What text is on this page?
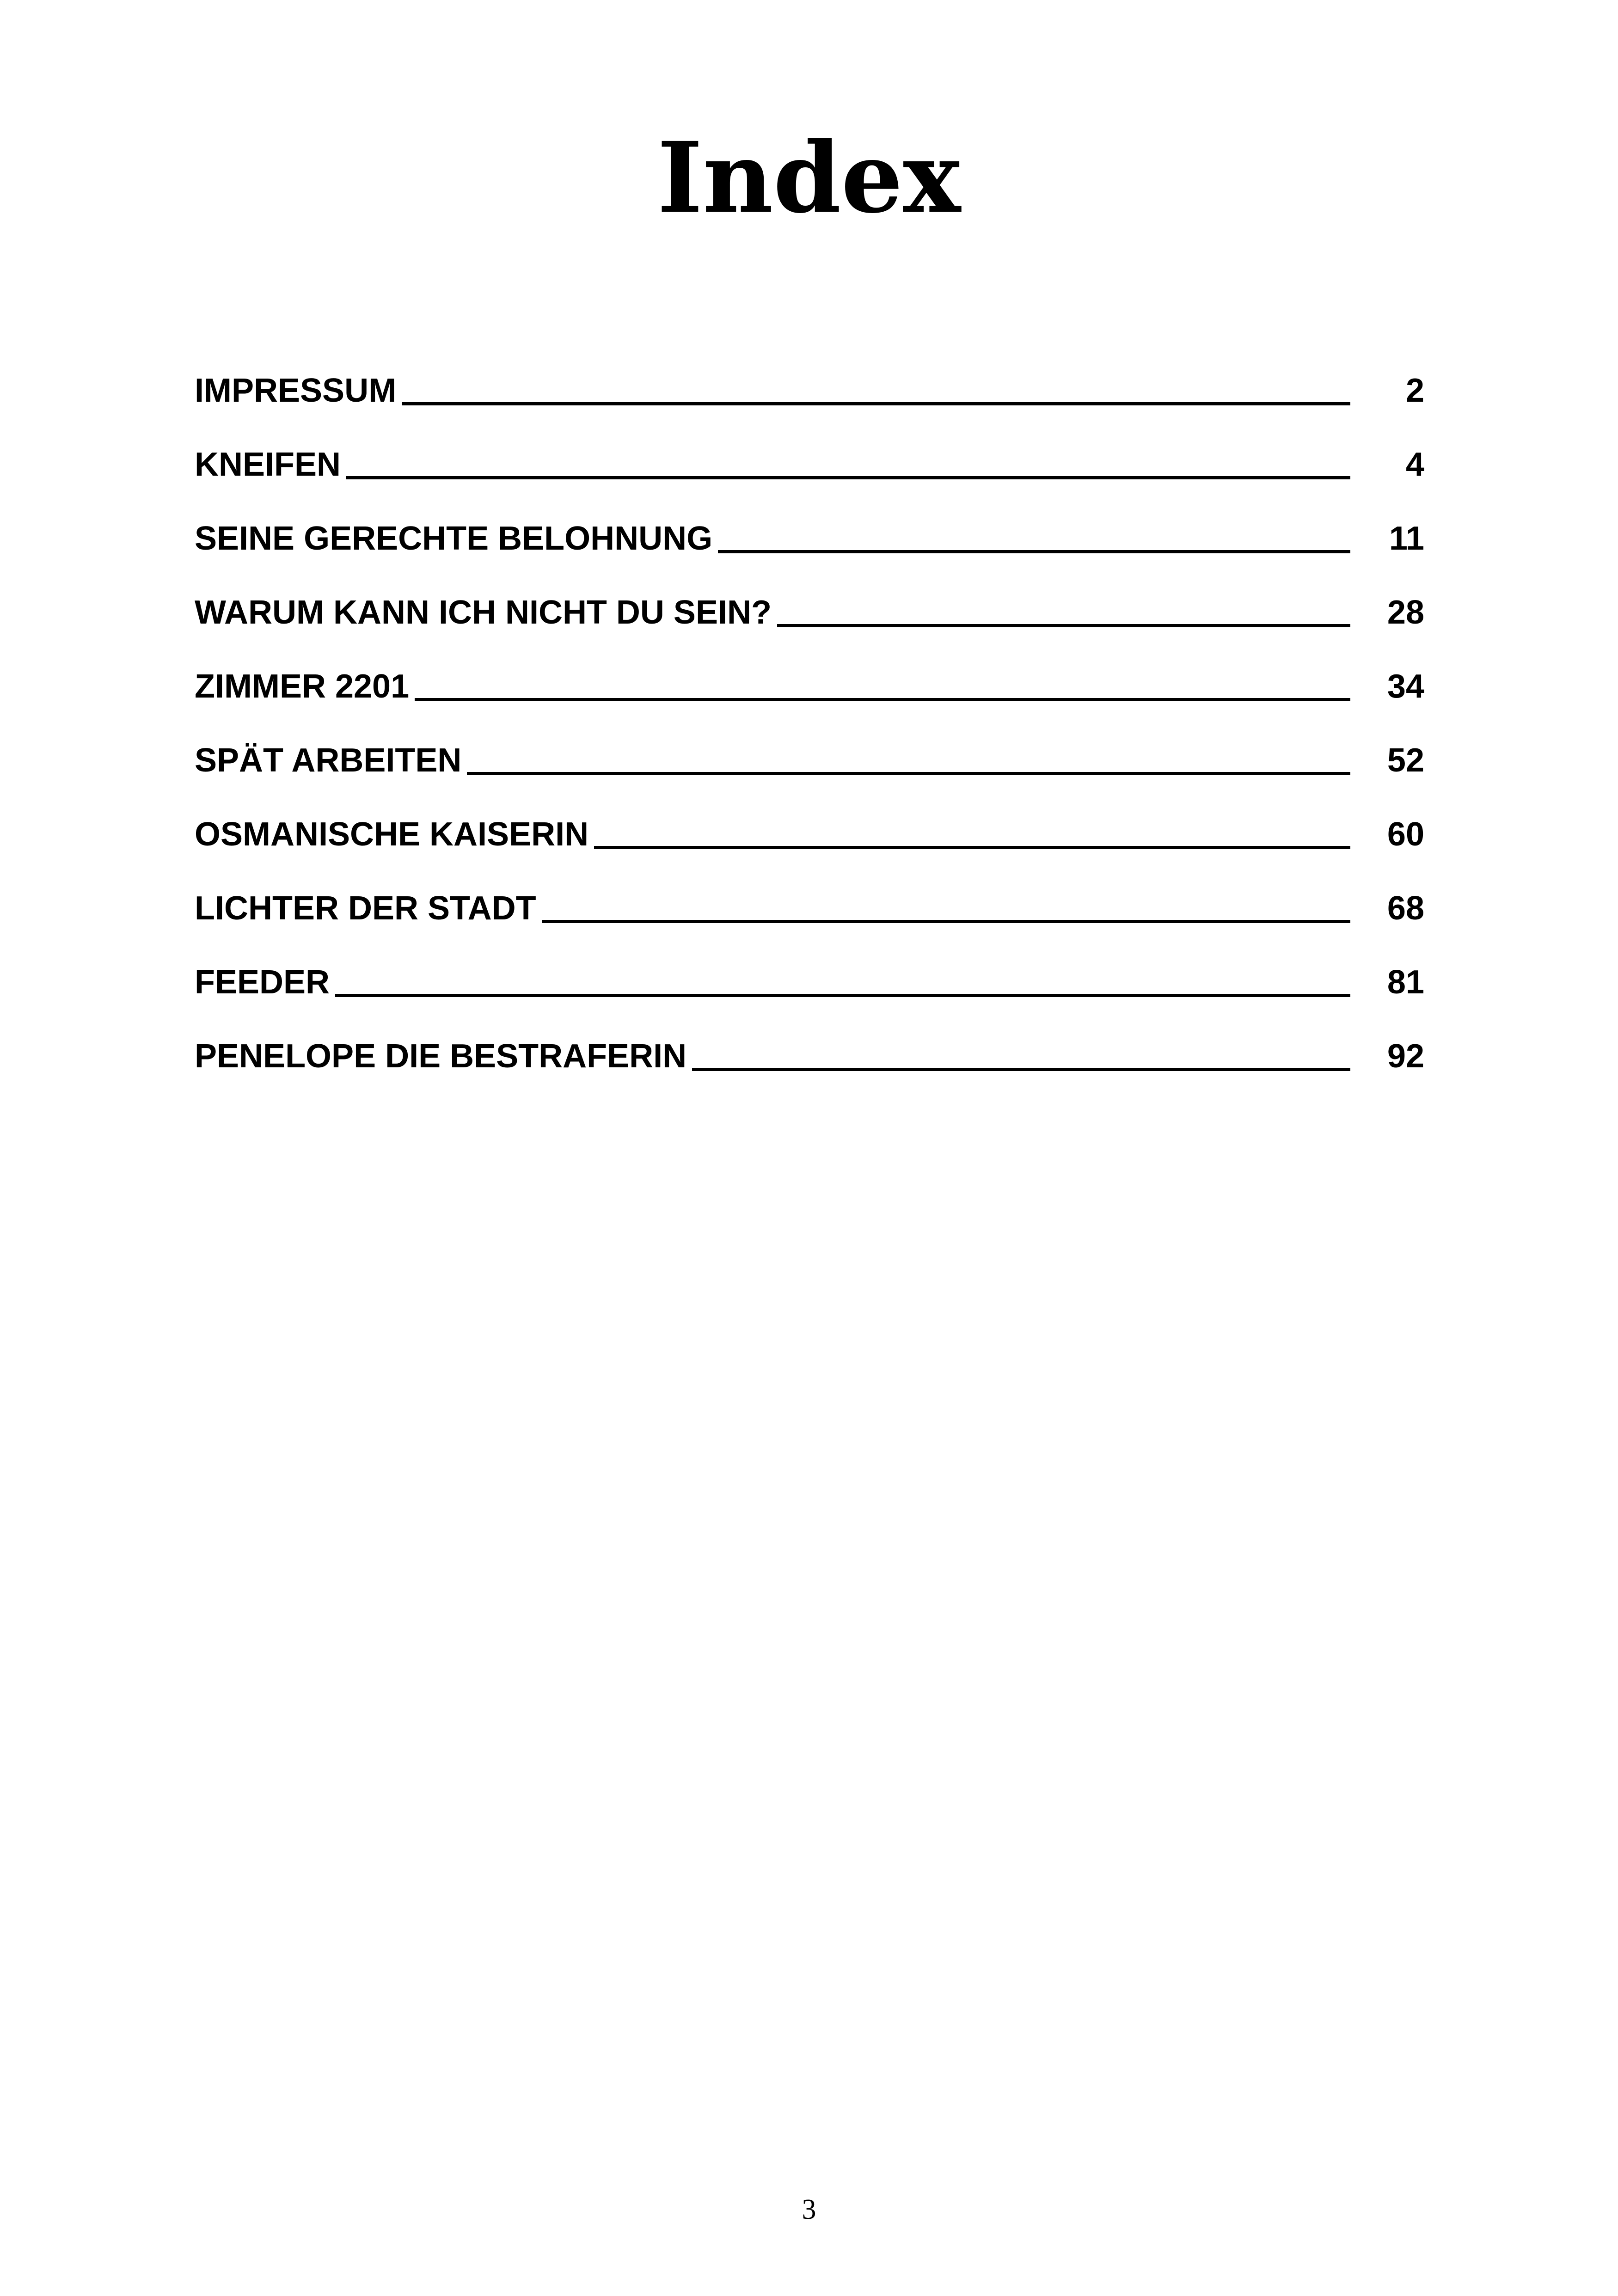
Index
IMPRESSUM	2
KNEIFEN	4
SEINE GERECHTE BELOHNUNG	11
WARUM KANN ICH NICHT DU SEIN?	28
ZIMMER 2201	34
SPÄT ARBEITEN	52
OSMANISCHE KAISERIN	60
LICHTER DER STADT	68
FEEDER	81
PENELOPE DIE BESTRAFERIN	92
3
